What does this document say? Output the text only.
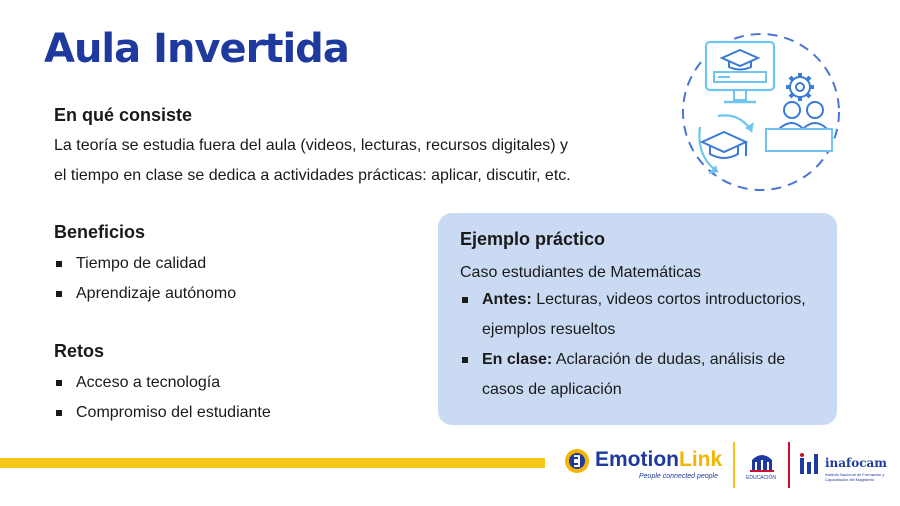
Aula Invertida
En qué consiste
La teoría se estudia fuera del aula (videos, lecturas, recursos digitales) y
el tiempo en clase se dedica a actividades prácticas: aplicar, discutir, etc.
Beneficios
Tiempo de calidad
Aprendizaje autónomo
Retos
Acceso a tecnología
Compromiso del estudiante
Ejemplo práctico
Caso estudiantes de Matemáticas
Antes: Lecturas, videos cortos introductorios, ejemplos resueltos
En clase: Aclaración de dudas, análisis de casos de aplicación
EmotionLink
People connected people	EDUCACIÓN
inafocam
Instituto Nacional de Formación y Capacitación del Magisterio
